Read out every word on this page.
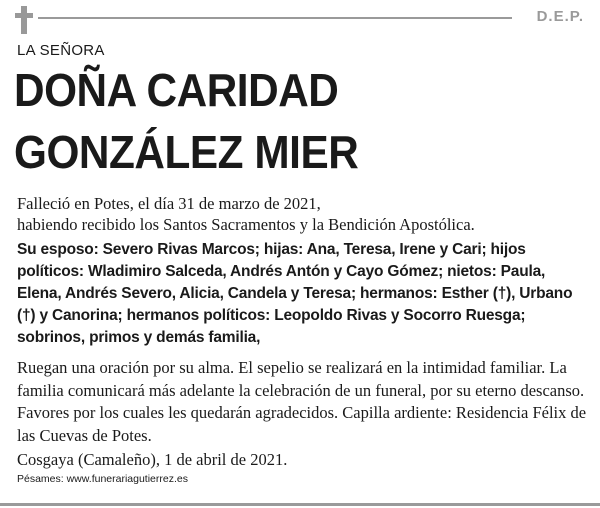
D.E.P.
LA SEÑORA
DOÑA CARIDAD
GONZÁLEZ MIER
Falleció en Potes, el día 31 de marzo de 2021,
habiendo recibido los Santos Sacramentos y la Bendición Apostólica.

Su esposo: Severo Rivas Marcos; hijas: Ana, Teresa, Irene y Cari; hijos políticos: Wladimiro Salceda, Andrés Antón y Cayo Gómez; nietos: Paula, Elena, Andrés Severo, Alicia, Candela y Teresa; hermanos: Esther (†), Urbano (†) y Canorina; hermanos políticos: Leopoldo Rivas y Socorro Ruesga; sobrinos, primos y demás familia,

Ruegan una oración por su alma. El sepelio se realizará en la intimidad familiar. La familia comunicará más adelante la celebración de un funeral, por su eterno descanso. Favores por los cuales les quedarán agradecidos. Capilla ardiente: Residencia Félix de las Cuevas de Potes.

Cosgaya (Camaleño), 1 de abril de 2021.

Pésames: www.funerariagutierrez.es
